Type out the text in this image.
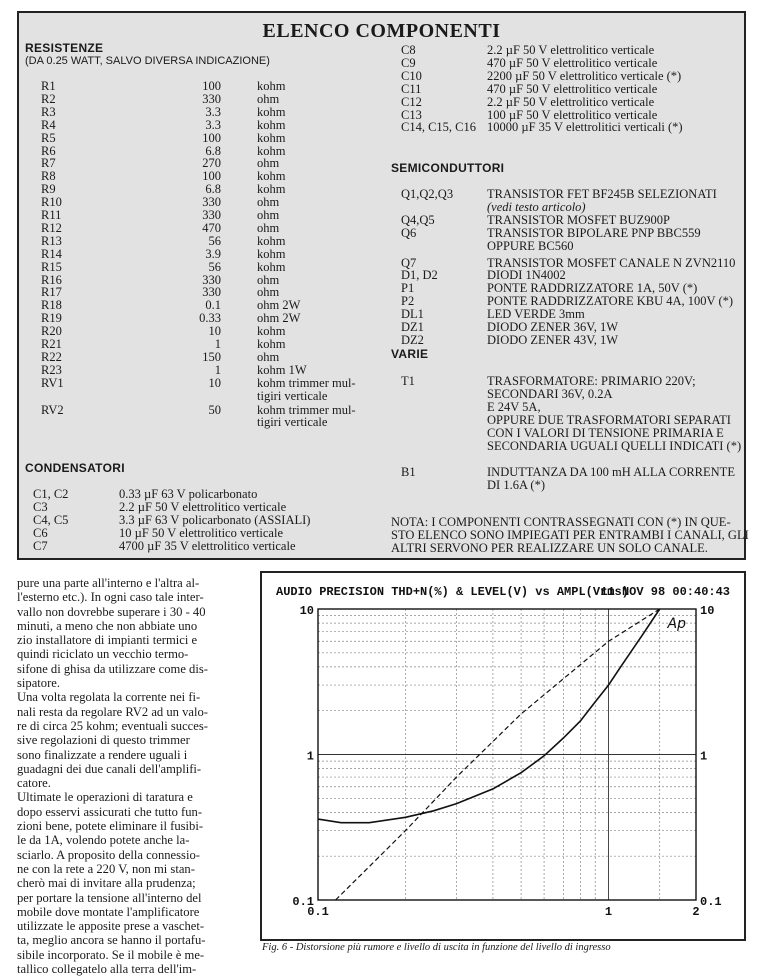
ELENCO COMPONENTI
RESISTENZE
(DA 0.25 WATT, SALVO DIVERSA INDICAZIONE)
R1	100	kohm
R2	330	ohm
R3	3.3	kohm
R4	3.3	kohm
R5	100	kohm
R6	6.8	kohm
R7	270	ohm
R8	100	kohm
R9	6.8	kohm
R10	330	ohm
R11	330	ohm
R12	470	ohm
R13	56	kohm
R14	3.9	kohm
R15	56	kohm
R16	330	ohm
R17	330	ohm
R18	0.1	ohm 2W
R19	0.33	ohm 2W
R20	10	kohm
R21	1	kohm
R22	150	ohm
R23	1	kohm 1W
RV1	10	kohm trimmer mul-
tigiri verticale
RV2	50	kohm trimmer mul-
tigiri verticale
CONDENSATORI
C1, C2	0.33 µF 63 V policarbonato
C3	2.2 µF 50 V elettrolitico verticale
C4, C5	3.3 µF 63 V policarbonato (ASSIALI)
C6	10 µF 50 V elettrolitico verticale
C7	4700 µF 35 V elettrolitico verticale
C8	2.2 µF 50 V elettrolitico verticale
C9	470 µF 50 V elettrolitico verticale
C10	2200 µF 50 V elettrolitico verticale (*)
C11	470 µF 50 V elettrolitico verticale
C12	2.2 µF 50 V elettrolitico verticale
C13	100 µF 50 V elettrolitico verticale
C14, C15, C16 10000 µF 35 V elettrolitici verticali (*)
SEMICONDUTTORI
Q1,Q2,Q3	TRANSISTOR FET BF245B SELEZIONATI
(vedi testo articolo)
Q4,Q5	TRANSISTOR MOSFET BUZ900P
Q6	TRANSISTOR BIPOLARE PNP BBC559
OPPURE BC560
Q7	TRANSISTOR MOSFET CANALE N ZVN2110
D1, D2	DIODI 1N4002
P1	PONTE RADDRIZZATORE 1A, 50V (*)
P2	PONTE RADDRIZZATORE KBU 4A, 100V (*)
DL1	LED VERDE 3mm
DZ1	DIODO ZENER 36V, 1W
DZ2	DIODO ZENER 43V, 1W
VARIE
T1	TRASFORMATORE: PRIMARIO 220V;
SECONDARI 36V, 0.2A
E 24V 5A,
OPPURE DUE TRASFORMATORI SEPARATI
CON I VALORI DI TENSIONE PRIMARIA E
SECONDARIA UGUALI QUELLI INDICATI (*)
B1	INDUTTANZA DA 100 mH ALLA CORRENTE
DI 1.6A (*)
NOTA: I COMPONENTI CONTRASSEGNATI CON (*) IN QUE-
STO ELENCO SONO IMPIEGATI PER ENTRAMBI I CANALI, GLI
ALTRI SERVONO PER REALIZZARE UN SOLO CANALE.

pure una parte all'interno e l'altra al-

l'esterno etc.). In ogni caso tale inter-

vallo non dovrebbe superare i 30 - 40

minuti, a meno che non abbiate uno

zio installatore di impianti termici e

quindi riciclato un vecchio termo-

sifone di ghisa da utilizzare come dis-

sipatore.

Una volta regolata la corrente nei fi-

nali resta da regolare RV2 ad un valo-

re di circa 25 kohm; eventuali succes-

sive regolazioni di questo trimmer

sono finalizzate a rendere uguali i

guadagni dei due canali dell'amplifi-

catore.

Ultimate le operazioni di taratura e

dopo esservi assicurati che tutto fun-

zioni bene, potete eliminare il fusibi-

le da 1A, volendo potete anche la-

sciarlo. A proposito della connessio-

ne con la rete a 220 V, non mi stan-

cherò mai di invitare alla prudenza;

per portare la tensione all'interno del

mobile dove montate l'amplificatore

utilizzate le apposite prese a vaschet-

ta, meglio ancora se hanno il portafu-

sibile incorporato. Se il mobile è me-

tallico collegatelo alla terra dell'im-

AUDIO PRECISION THD+N(%) & LEVEL(V) vs AMPL(Vrms)
11 NOV 98 00:40:43
10
1
0.1
10
1
0.1
0.1	1	2
Ap
Fig. 6 - Distorsione più rumore e livello di uscita in funzione del livello di ingresso
